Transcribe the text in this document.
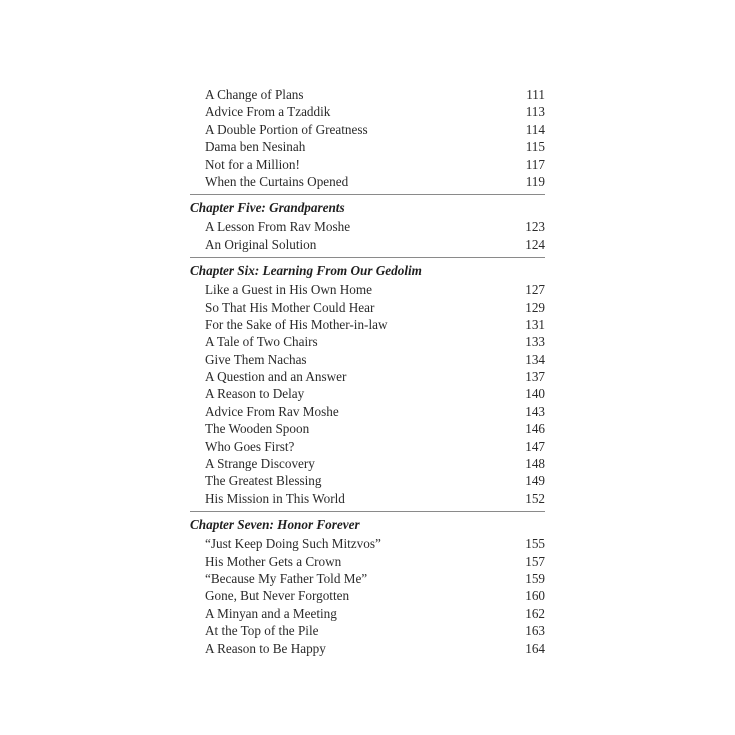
A Change of Plans	111
Advice From a Tzaddik	113
A Double Portion of Greatness	114
Dama ben Nesinah	115
Not for a Million!	117
When the Curtains Opened	119
Chapter Five: Grandparents
A Lesson From Rav Moshe	123
An Original Solution	124
Chapter Six: Learning From Our Gedolim
Like a Guest in His Own Home	127
So That His Mother Could Hear	129
For the Sake of His Mother-in-law	131
A Tale of Two Chairs	133
Give Them Nachas	134
A Question and an Answer	137
A Reason to Delay	140
Advice From Rav Moshe	143
The Wooden Spoon	146
Who Goes First?	147
A Strange Discovery	148
The Greatest Blessing	149
His Mission in This World	152
Chapter Seven: Honor Forever
“Just Keep Doing Such Mitzvos”	155
His Mother Gets a Crown	157
“Because My Father Told Me”	159
Gone, But Never Forgotten	160
A Minyan and a Meeting	162
At the Top of the Pile	163
A Reason to Be Happy	164
